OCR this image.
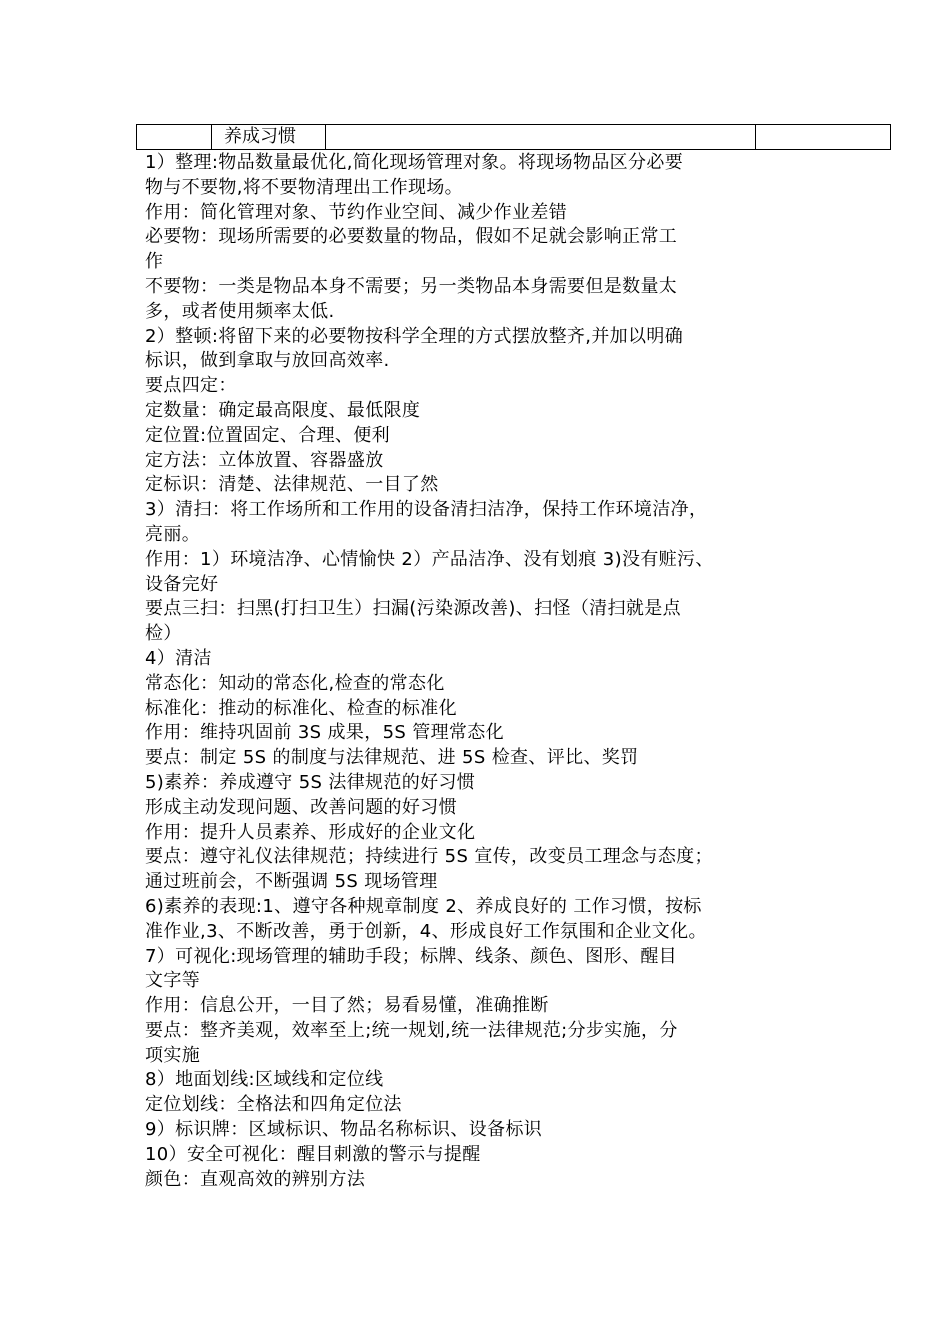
	养成习惯		

1）整理:物品数量最优化,简化现场管理对象。将现场物品区分必要

物与不要物,将不要物清理出工作现场。

作用：简化管理对象、节约作业空间、减少作业差错

必要物：现场所需要的必要数量的物品，假如不足就会影响正常工

作

不要物：一类是物品本身不需要；另一类物品本身需要但是数量太

多，或者使用频率太低.

2）整顿:将留下来的必要物按科学全理的方式摆放整齐,并加以明确

标识，做到拿取与放回高效率.

要点四定：

定数量：确定最高限度、最低限度

定位置:位置固定、合理、便利

定方法：立体放置、容器盛放

定标识：清楚、法律规范、一目了然

3）清扫：将工作场所和工作用的设备清扫洁净，保持工作环境洁净，

亮丽。

作用：1）环境洁净、心情愉快 2）产品洁净、没有划痕 3)没有赃污、

设备完好

要点三扫：扫黑(打扫卫生）扫漏(污染源改善)、扫怪（清扫就是点

检）

4）清洁

常态化：知动的常态化,检查的常态化

标准化：推动的标准化、检查的标准化

作用：维持巩固前 3S 成果，5S 管理常态化

要点：制定 5S 的制度与法律规范、进 5S 检查、评比、奖罚

5)素养：养成遵守 5S 法律规范的好习惯

形成主动发现问题、改善问题的好习惯

作用：提升人员素养、形成好的企业文化

要点：遵守礼仪法律规范；持续进行 5S 宣传，改变员工理念与态度；

通过班前会，不断强调 5S 现场管理

6)素养的表现:1、遵守各种规章制度 2、养成良好的 工作习惯，按标

准作业,3、不断改善，勇于创新，4、形成良好工作氛围和企业文化。

7）可视化:现场管理的辅助手段；标牌、线条、颜色、图形、醒目

文字等

作用：信息公开，一目了然；易看易懂，准确推断

要点：整齐美观，效率至上;统一规划,统一法律规范;分步实施，分

项实施

8）地面划线:区域线和定位线

定位划线：全格法和四角定位法

9）标识牌：区域标识、物品名称标识、设备标识

10）安全可视化：醒目刺激的警示与提醒

颜色：直观高效的辨别方法
